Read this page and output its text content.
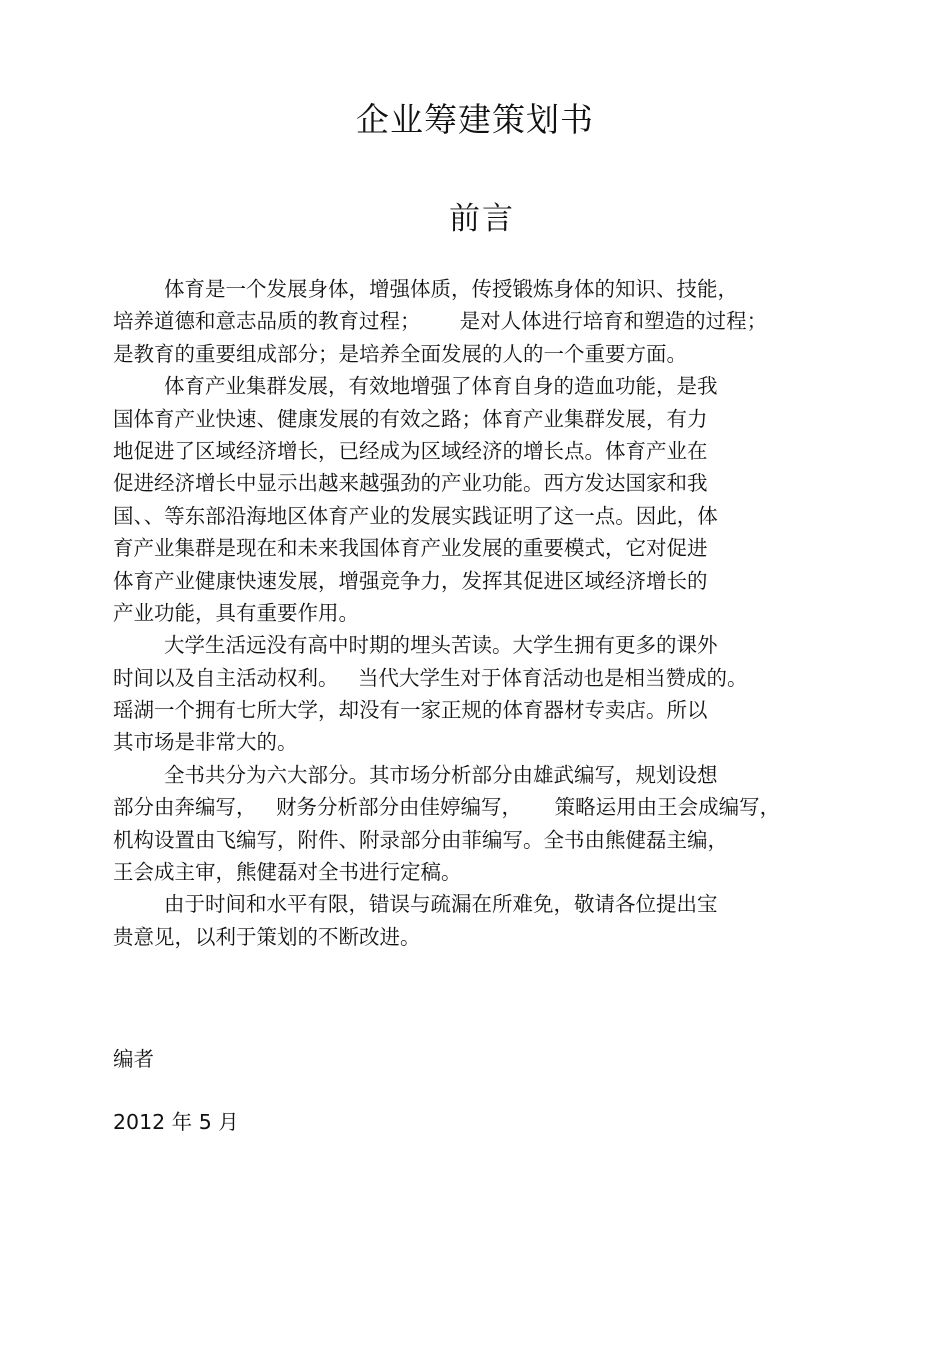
企业筹建策划书
前言
体育是一个发展身体，增强体质，传授锻炼身体的知识、技能，
培养道德和意志品质的教育过程；      是对人体进行培育和塑造的过程；
是教育的重要组成部分；是培养全面发展的人的一个重要方面。
体育产业集群发展，有效地增强了体育自身的造血功能，是我
国体育产业快速、健康发展的有效之路；体育产业集群发展，有力
地促进了区域经济增长，已经成为区域经济的增长点。体育产业在
促进经济增长中显示出越来越强劲的产业功能。西方发达国家和我
国、、等东部沿海地区体育产业的发展实践证明了这一点。因此，体
育产业集群是现在和未来我国体育产业发展的重要模式，它对促进
体育产业健康快速发展，增强竞争力，发挥其促进区域经济增长的
产业功能，具有重要作用。
大学生活远没有高中时期的埋头苦读。大学生拥有更多的课外
时间以及自主活动权利。   当代大学生对于体育活动也是相当赞成的。
瑶湖一个拥有七所大学，却没有一家正规的体育器材专卖店。所以
其市场是非常大的。
全书共分为六大部分。其市场分析部分由雄武编写，规划设想
部分由奔编写，   财务分析部分由佳婷编写，     策略运用由王会成编写，
机构设置由飞编写，附件、附录部分由菲编写。全书由熊健磊主编，
王会成主审，熊健磊对全书进行定稿。
由于时间和水平有限，错误与疏漏在所难免，敬请各位提出宝
贵意见，以利于策划的不断改进。
编者
2012 年 5 月
